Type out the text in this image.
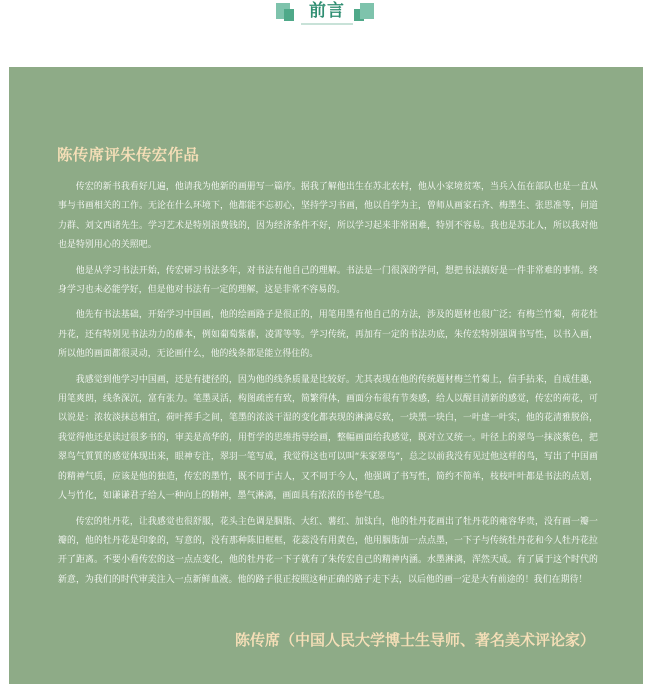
前言
陈传席评朱传宏作品

传宏的新书我看好几遍，他请我为他新的画册写一篇序。据我了解他出生在苏北农村，他从小家境贫寒，当兵入伍在部队也是一直从事与书画相关的工作。无论在什么环境下，他都能不忘初心，坚持学习书画，他以自学为主，曾师从画家石齐、梅墨生、张思准等，问道力群、刘文西诸先生。学习艺术是特别浪费钱的，因为经济条件不好，所以学习起来非常困难，特别不容易。我也是苏北人，所以我对他也是特别用心的关照吧。

他是从学习书法开始，传宏研习书法多年，对书法有他自己的理解。书法是一门很深的学问，想把书法搞好是一件非常难的事情。终身学习也未必能学好，但是他对书法有一定的理解，这是非常不容易的。

他先有书法基础，开始学习中国画，他的绘画路子是很正的，用笔用墨有他自己的方法，涉及的题材也很广泛；有梅兰竹菊，荷花牡丹花，还有特别见书法功力的藤本，例如葡萄紫藤，凌霄等等。学习传统，再加有一定的书法功底，朱传宏特别强调书写性，以书入画，所以他的画面都很灵动，无论画什么，他的线条都是能立得住的。

我感觉到他学习中国画，还是有捷径的，因为他的线条质量是比较好。尤其表现在他的传统题材梅兰竹菊上，信手拈来，自成佳趣，用笔爽朗，线条深沉，富有张力。笔墨灵活，构图疏密有致，简繁得体，画面分布很有节奏感，给人以醒目清新的感觉，传宏的荷花，可以说是：浓妆淡抹总相宜，荷叶挥手之间，笔墨的浓淡干湿的变化都表现的淋漓尽致，一块黑一块白，一叶虚一叶实，他的花清雅脱俗，我觉得他还是读过很多书的，审美是高华的，用哲学的思维指导绘画，整幅画面给我感觉，既对立又统一。叶径上的翠鸟一抹淡紫色，把翠鸟气質質的感觉体现出来，眼神专注，翠羽一笔写成，我觉得这也可以叫“朱家翠鸟”，总之以前我没有见过他这样的鸟，写出了中国画的精神气质，应该是他的独造，传宏的墨竹，既不同于古人，又不同于今人，他强调了书写性，简约不简单，枝枝叶叶都是书法的点划，人与竹化，如谦谦君子给人一种向上的精神，墨气淋漓，画面具有浓浓的书卷气息。

传宏的牡丹花，让我感觉也很舒服，花头主色调是胭脂、大红、薯红、加钛白，他的牡丹花画出了牡丹花的雍容华贵，没有画一瓣一瓣的，他的牡丹花是印象的，写意的，没有那种陈旧框框，花蕊没有用黄色，他用胭脂加一点点墨，一下子与传统牡丹花和今人牡丹花拉开了距离。不要小看传宏的这一点点变化，他的牡丹花一下子就有了朱传宏自己的精神内涵。水墨淋漓，浑然天成。有了属于这个时代的新意，为我们的时代审美注入一点新鲜血液。他的路子很正按照这种正确的路子走下去，以后他的画一定是大有前途的！我们在期待！

陈传席（中国人民大学博士生导师、著名美术评论家）
